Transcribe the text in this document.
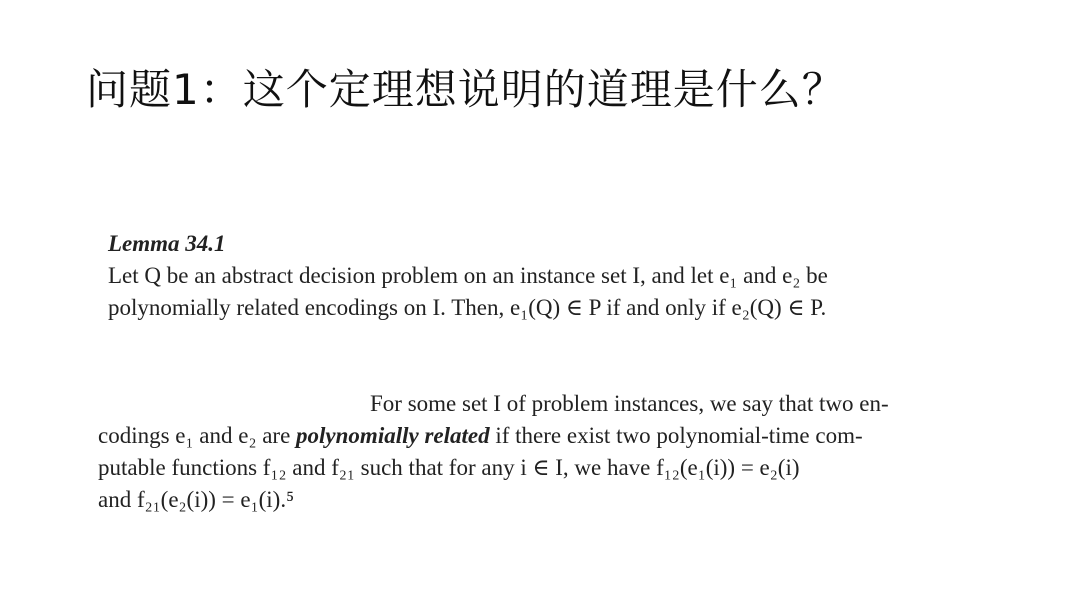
问题1：这个定理想说明的道理是什么？
Lemma 34.1
Let Q be an abstract decision problem on an instance set I, and let e₁ and e₂ be
polynomially related encodings on I. Then, e₁(Q) ∈ P if and only if e₂(Q) ∈ P.
For some set I of problem instances, we say that two en-
codings e₁ and e₂ are polynomially related if there exist two polynomial-time com-
putable functions f₁₂ and f₂₁ such that for any i ∈ I, we have f₁₂(e₁(i)) = e₂(i)
and f₂₁(e₂(i)) = e₁(i).⁵
